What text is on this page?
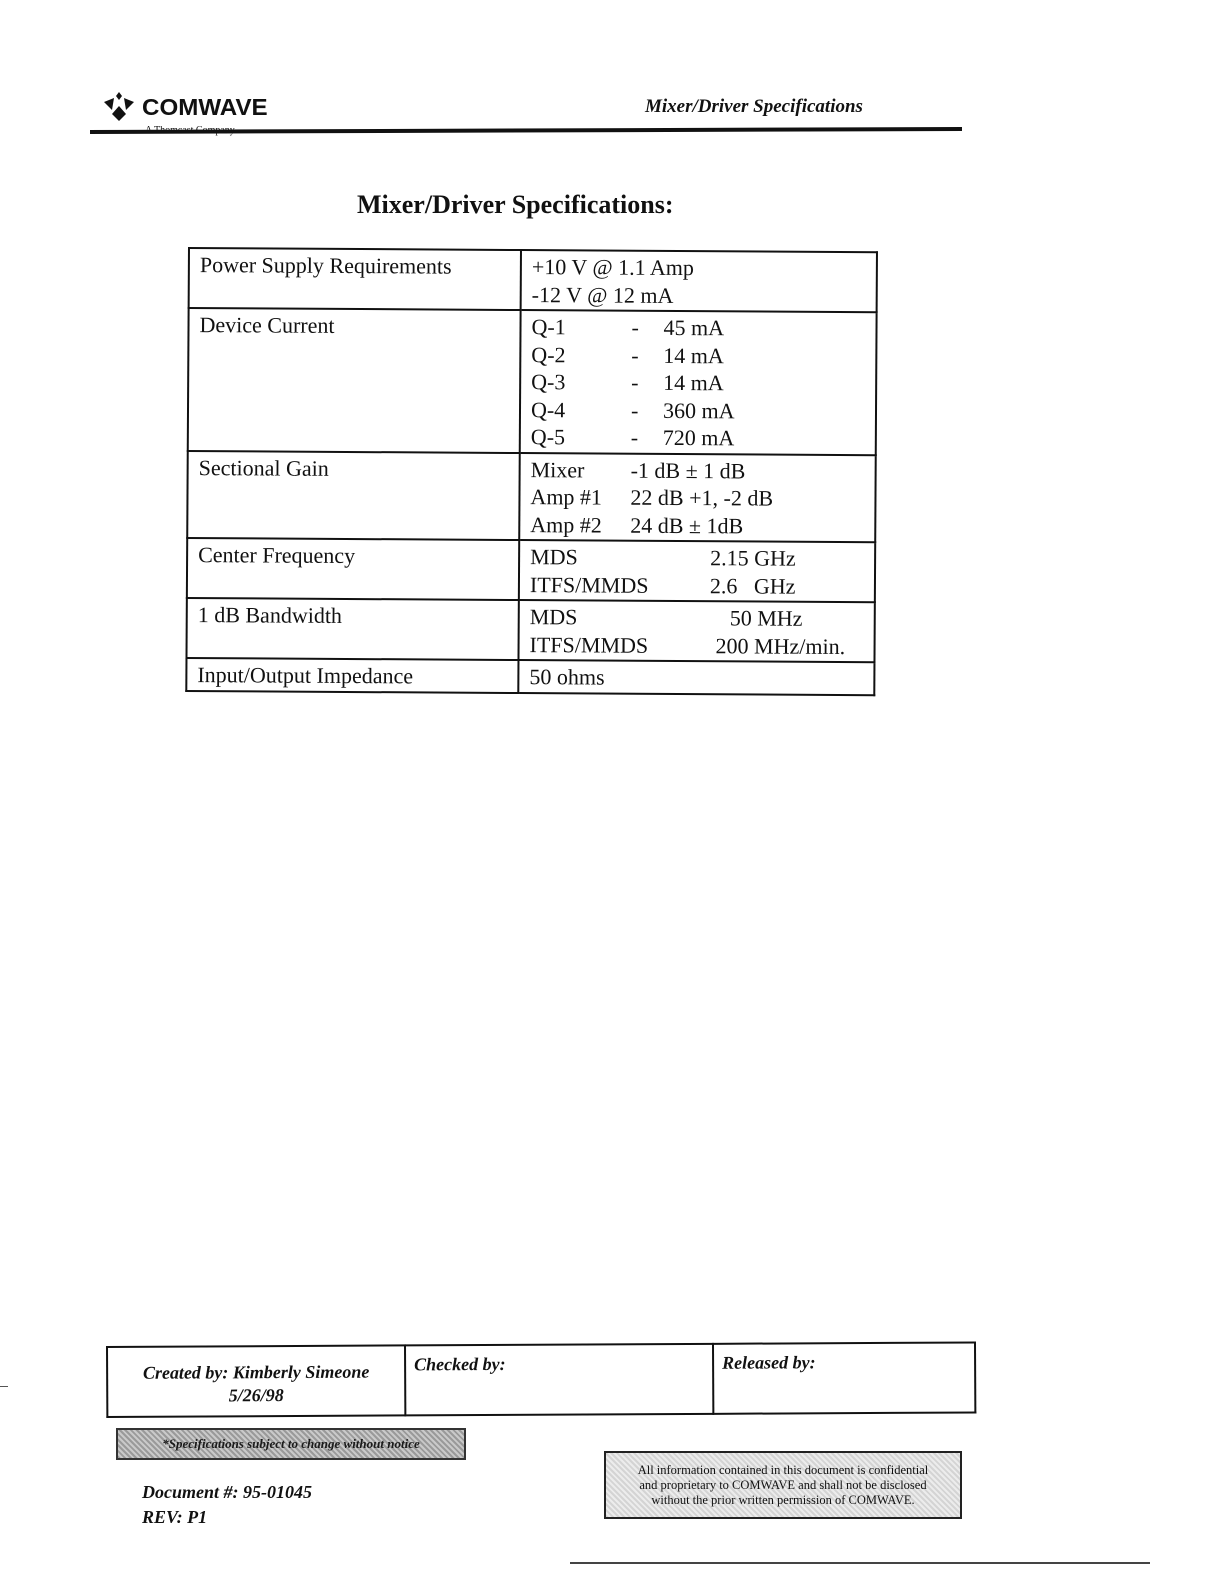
COMWAVE	Mixer/Driver Specifications
Mixer/Driver Specifications:
Power Supply Requirements	+10 V @ 1.1 Amp
-12 V @ 12 mA

Device Current	Q-1 - 45 mA
Q-2 - 14 mA
Q-3 - 14 mA
Q-4 - 360 mA
Q-5 - 720 mA

Sectional Gain	Mixer -1 dB ± 1 dB
Amp #1 22 dB +1, -2 dB
Amp #2 24 dB ± 1dB

Center Frequency	MDS 2.15 GHz
ITFS/MMDS 2.6   GHz

1 dB Bandwidth	MDS 50 MHz
ITFS/MMDS 200 MHz/min.

Input/Output Impedance	50 ohms
Created by: Kimberly Simeone
5/26/98
	Checked by:	Released by:
*Specifications subject to change without notice
Document #: 95-01045
REV: P1
All information contained in this document is confidential
and proprietary to COMWAVE and shall not be disclosed
without the prior written permission of COMWAVE.
